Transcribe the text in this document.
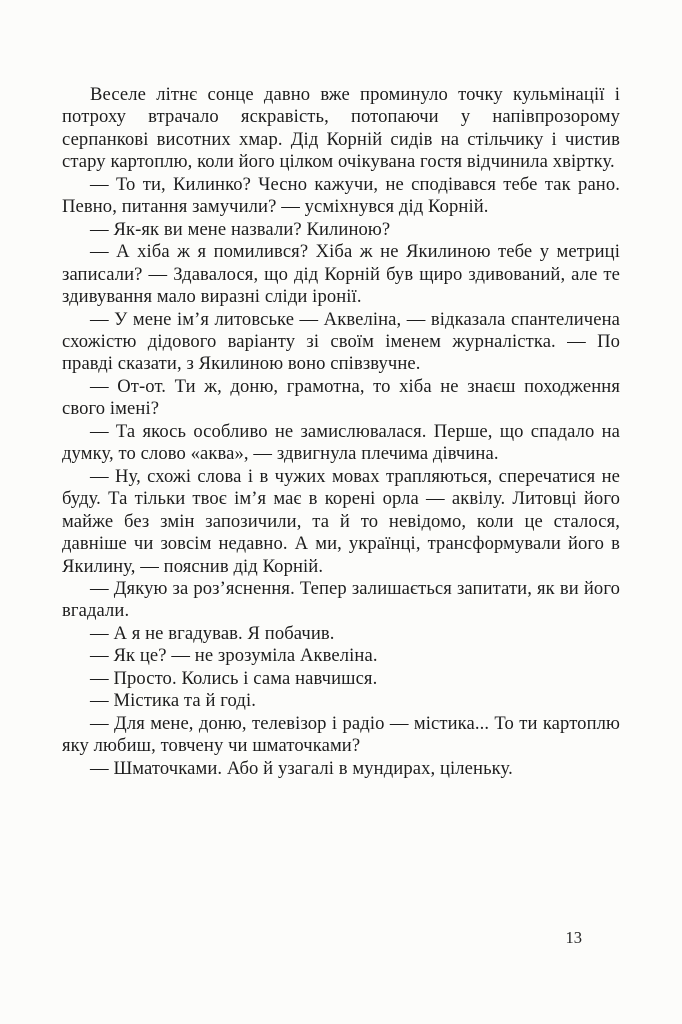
Веселе літнє сонце давно вже проминуло точку кульмінації і потроху втрачало яскравість, потопаючи у напівпрозорому серпанкові висотних хмар. Дід Корній сидів на стільчику і чистив стару картоплю, коли його цілком очікувана гостя відчинила хвіртку.

— То ти, Килинко? Чесно кажучи, не сподівався тебе так рано. Певно, питання замучили? — усміхнувся дід Корній.

— Як-як ви мене назвали? Килиною?

— А хіба ж я помилився? Хіба ж не Якилиною тебе у метриці записали? — Здавалося, що дід Корній був щиро здивований, але те здивування мало виразні сліди іронії.

— У мене ім’я литовське — Аквеліна, — відказала спантеличена схожістю дідового варіанту зі своїм іменем журналістка. — По правді сказати, з Якилиною воно співзвучне.

— От-от. Ти ж, доню, грамотна, то хіба не знаєш походження свого імені?

— Та якось особливо не замислювалася. Перше, що спадало на думку, то слово «аква», — здвигнула плечима дівчина.

— Ну, схожі слова і в чужих мовах трапляються, сперечатися не буду. Та тільки твоє ім’я має в корені орла — аквілу. Литовці його майже без змін запозичили, та й то невідомо, коли це сталося, давніше чи зовсім недавно. А ми, українці, трансформували його в Якилину, — пояснив дід Корній.

— Дякую за роз’яснення. Тепер залишається запитати, як ви його вгадали.

— А я не вгадував. Я побачив.

— Як це? — не зрозуміла Аквеліна.

— Просто. Колись і сама навчишся.

— Містика та й годі.

— Для мене, доню, телевізор і радіо — містика... То ти картоплю яку любиш, товчену чи шматочками?

— Шматочками. Або й узагалі в мундирах, ціленьку.

13
